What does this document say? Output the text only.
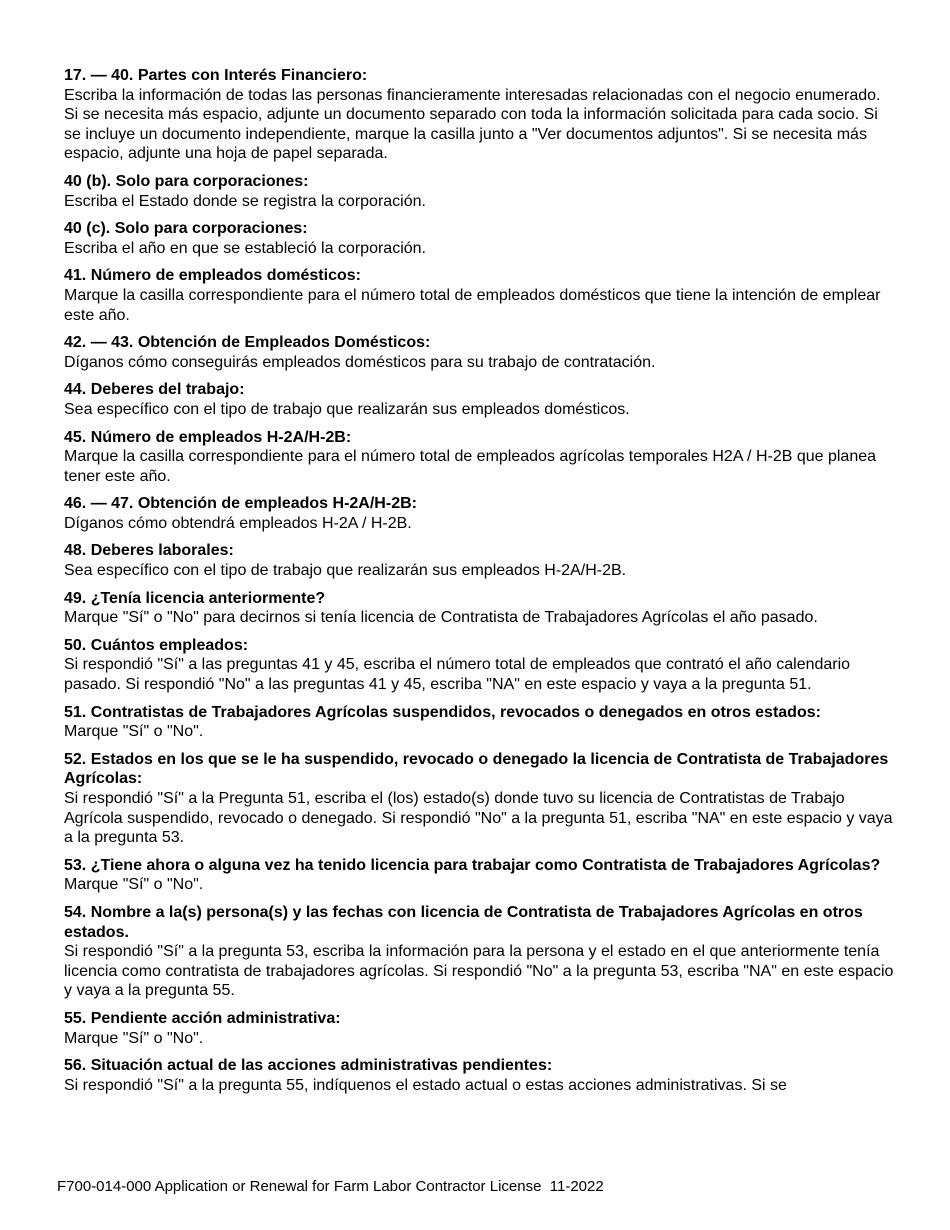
17. — 40. Partes con Interés Financiero:

Escriba la información de todas las personas financieramente interesadas relacionadas con el negocio enumerado. Si se necesita más espacio, adjunte un documento separado con toda la información solicitada para cada socio. Si se incluye un documento independiente, marque la casilla junto a "Ver documentos adjuntos". Si se necesita más espacio, adjunte una hoja de papel separada.

40 (b). Solo para corporaciones:

Escriba el Estado donde se registra la corporación.

40 (c). Solo para corporaciones:

Escriba el año en que se estableció la corporación.

41. Número de empleados domésticos:

Marque la casilla correspondiente para el número total de empleados domésticos que tiene la intención de emplear este año.

42. — 43. Obtención de Empleados Domésticos:

Díganos cómo conseguirás empleados domésticos para su trabajo de contratación.

44. Deberes del trabajo:

Sea específico con el tipo de trabajo que realizarán sus empleados domésticos.

45. Número de empleados H-2A/H-2B:

Marque la casilla correspondiente para el número total de empleados agrícolas temporales H2A / H-2B que planea tener este año.

46. — 47. Obtención de empleados H-2A/H-2B:

Díganos cómo obtendrá empleados H-2A / H-2B.

48. Deberes laborales:

Sea específico con el tipo de trabajo que realizarán sus empleados H-2A/H-2B.

49. ¿Tenía licencia anteriormente?

Marque "Sí" o "No" para decirnos si tenía licencia de Contratista de Trabajadores Agrícolas el año pasado.

50. Cuántos empleados:

Si respondió "Sí" a las preguntas 41 y 45, escriba el número total de empleados que contrató el año calendario pasado. Si respondió "No" a las preguntas 41 y 45, escriba "NA" en este espacio y vaya a la pregunta 51.

51. Contratistas de Trabajadores Agrícolas suspendidos, revocados o denegados en otros estados:

Marque "Sí" o "No".

52. Estados en los que se le ha suspendido, revocado o denegado la licencia de Contratista de Trabajadores Agrícolas:

Si respondió "Sí" a la Pregunta 51, escriba el (los) estado(s) donde tuvo su licencia de Contratistas de Trabajo Agrícola suspendido, revocado o denegado. Si respondió "No" a la pregunta 51, escriba "NA" en este espacio y vaya a la pregunta 53.

53. ¿Tiene ahora o alguna vez ha tenido licencia para trabajar como Contratista de Trabajadores Agrícolas?

Marque "Sí" o "No".

54. Nombre a la(s) persona(s) y las fechas con licencia de Contratista de Trabajadores Agrícolas en otros estados.

Si respondió "Sí" a la pregunta 53, escriba la información para la persona y el estado en el que anteriormente tenía licencia como contratista de trabajadores agrícolas. Si respondió "No" a la pregunta 53, escriba "NA" en este espacio y vaya a la pregunta 55.

55. Pendiente acción administrativa:

Marque "Sí" o "No".

56. Situación actual de las acciones administrativas pendientes:

Si respondió "Sí" a la pregunta 55, indíquenos el estado actual o estas acciones administrativas. Si se

F700-014-000 Application or Renewal for Farm Labor Contractor License  11-2022
